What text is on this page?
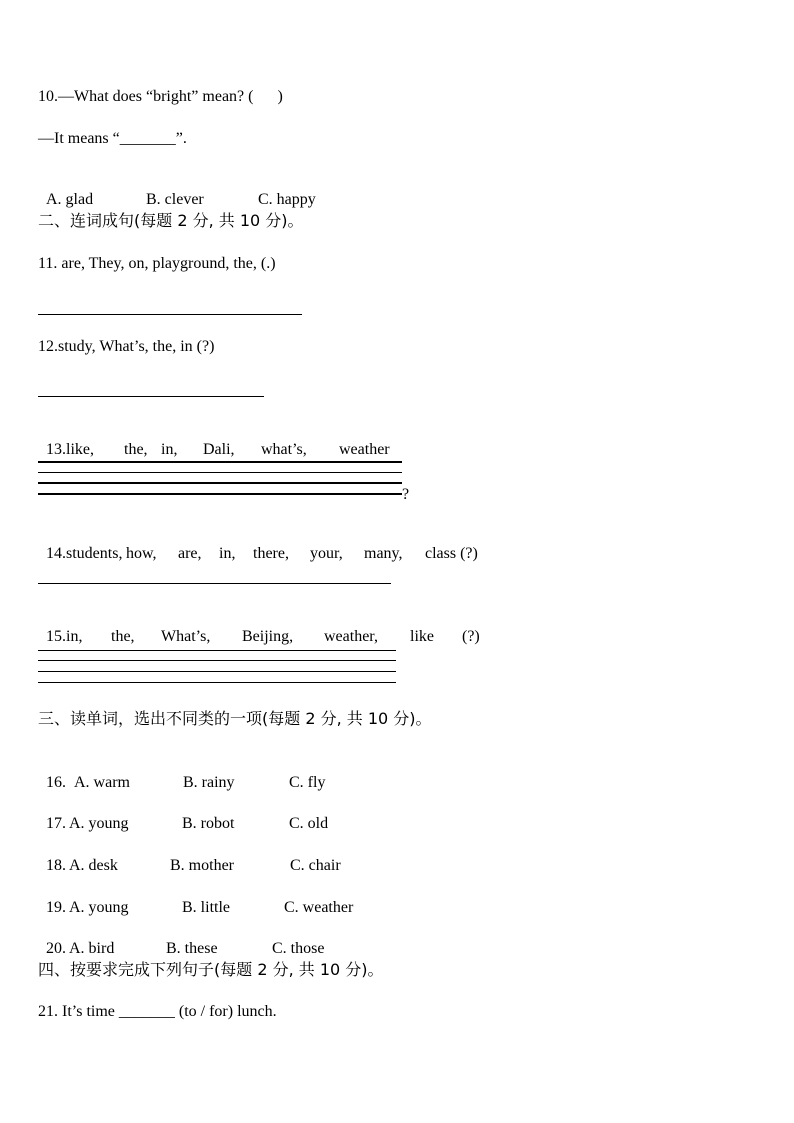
10.—What does “bright” mean? (      )
—It means “_______”.

A. glad	B. clever	C. happy

二、连词成句(每题 2 分, 共 10 分)。
11. are, They, on, playground, the, (.)
12.study, What’s, the, in (?)

13.like, the, in, Dali, what’s, weather

?

14.students, how, are, in, there, your, many, class (?)

15.in, the, What’s, Beijing, weather, like (?)

三、读单词，选出不同类的一项(每题 2 分, 共 10 分)。

16. A. warm	B. rainy	C. fly

17. A. young	B. robot	C. old

18. A. desk	B. mother	C. chair

19. A. young	B. little	C. weather

20. A. bird	B. these	C. those

四、按要求完成下列句子(每题 2 分, 共 10 分)。
21. It’s time _______ (to / for) lunch.
